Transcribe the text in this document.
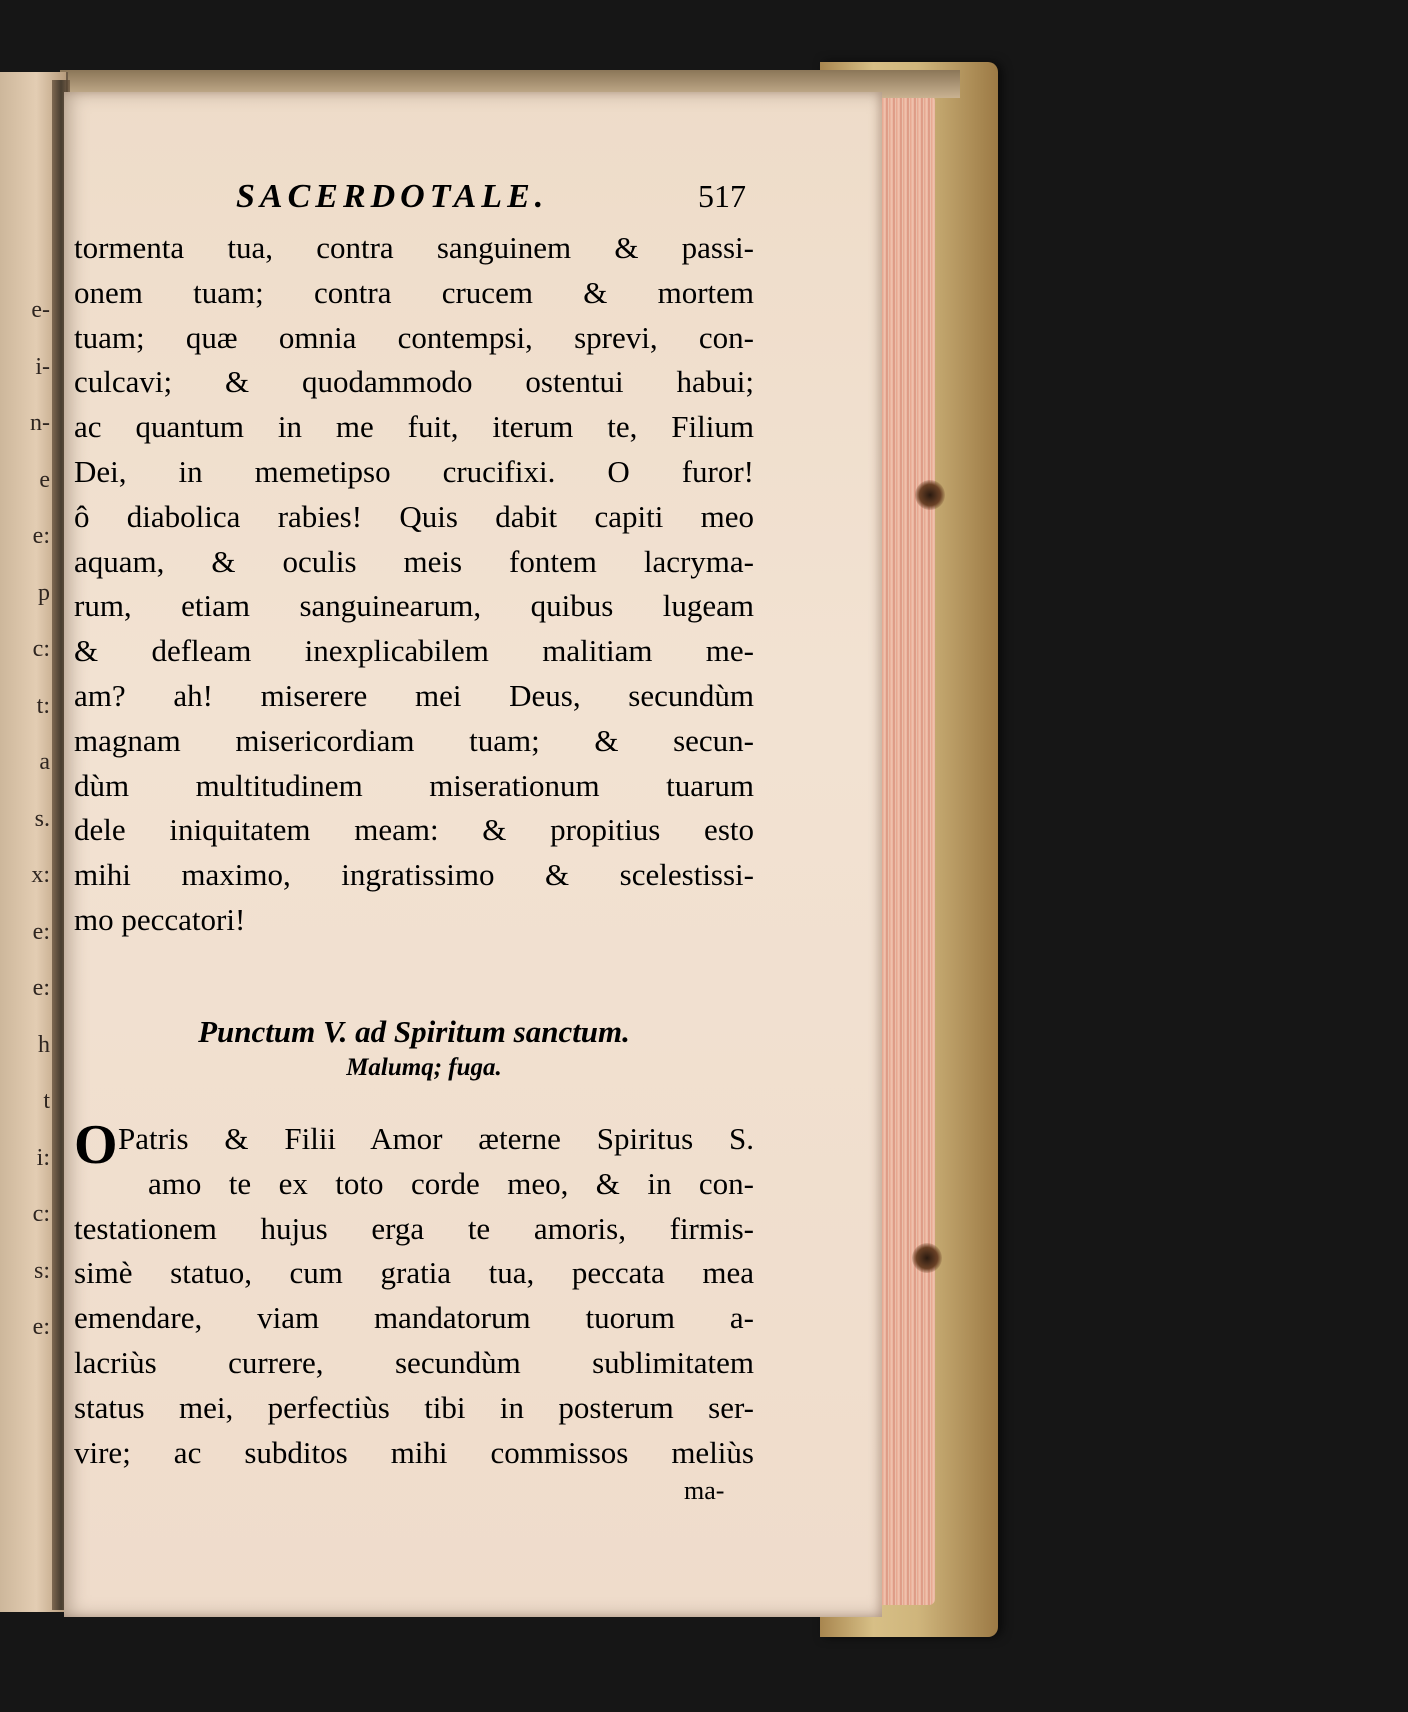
e-
i-
n-
e
e:
p
c:
t:
a
s.
x:
e:
e:
h
t
i:
c:
s:
e:
SACERDOTALE.	517
tormenta tua, contra sanguinem & passi-
onem tuam; contra crucem & mortem
tuam; quæ omnia contempsi, sprevi, con-
culcavi; & quodammodo ostentui habui;
ac quantum in me fuit, iterum te, Filium
Dei, in memetipso crucifixi. O furor!
ô diabolica rabies! Quis dabit capiti meo
aquam, & oculis meis fontem lacryma-
rum, etiam sanguinearum, quibus lugeam
& defleam inexplicabilem malitiam me-
am? ah! miserere mei Deus, secundùm
magnam misericordiam tuam; & secun-
dùm multitudinem miserationum tuarum
dele iniquitatem meam: & propitius esto
mihi maximo, ingratissimo & scelestissi-
mo peccatori!
Punctum V. ad Spiritum sanctum.
Malumq; fuga.
O Patris & Filii Amor æterne Spiritus S.
amo te ex toto corde meo, & in con-
testationem hujus erga te amoris, firmis-
simè statuo, cum gratia tua, peccata mea
emendare, viam mandatorum tuorum a-
lacriùs currere, secundùm sublimitatem
status mei, perfectiùs tibi in posterum ser-
vire; ac subditos mihi commissos meliùs
ma-
